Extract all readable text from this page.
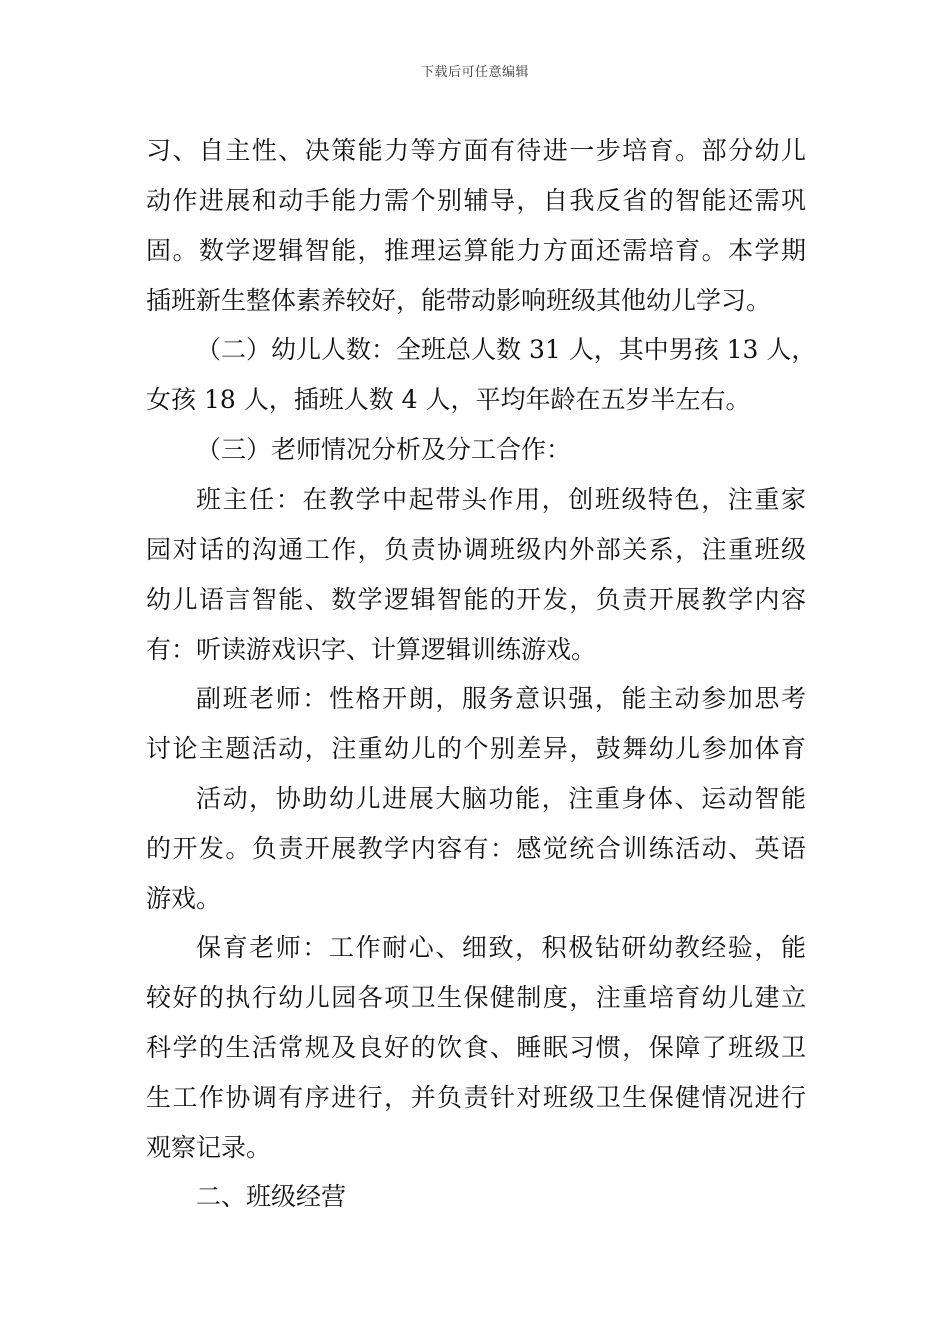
下载后可任意编辑
习、自主性、决策能力等方面有待进一步培育。部分幼儿
动作进展和动手能力需个别辅导，自我反省的智能还需巩
固。数学逻辑智能，推理运算能力方面还需培育。本学期
插班新生整体素养较好，能带动影响班级其他幼儿学习。
（二）幼儿人数：全班总人数 31 人，其中男孩 13 人，
女孩 18 人，插班人数 4 人，平均年龄在五岁半左右。
（三）老师情况分析及分工合作：
班主任：在教学中起带头作用，创班级特色，注重家
园对话的沟通工作，负责协调班级内外部关系，注重班级
幼儿语言智能、数学逻辑智能的开发，负责开展教学内容
有：听读游戏识字、计算逻辑训练游戏。
副班老师：性格开朗，服务意识强，能主动参加思考
讨论主题活动，注重幼儿的个别差异，鼓舞幼儿参加体育
活动，协助幼儿进展大脑功能，注重身体、运动智能
的开发。负责开展教学内容有：感觉统合训练活动、英语
游戏。
保育老师：工作耐心、细致，积极钻研幼教经验，能
较好的执行幼儿园各项卫生保健制度，注重培育幼儿建立
科学的生活常规及良好的饮食、睡眠习惯，保障了班级卫
生工作协调有序进行，并负责针对班级卫生保健情况进行
观察记录。
二、班级经营
